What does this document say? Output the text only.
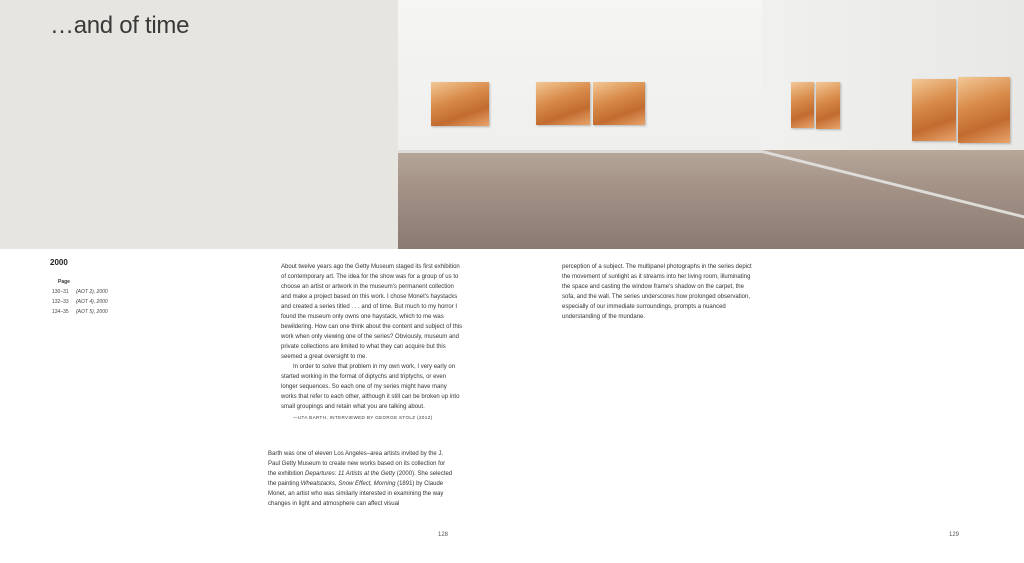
…and of time
2000
Page
130–31	(AOT 2), 2000
132–33	(AOT 4), 2000
134–35	(AOT 5), 2000

About twelve years ago the Getty Museum staged its first exhibition of contemporary art. The idea for the show was for a group of us to choose an artist or artwork in the museum's permanent collection and make a project based on this work. I chose Monet's haystacks and created a series titled . . . and of time. But much to my horror I found the museum only owns one haystack, which to me was bewildering. How can one think about the content and subject of this work when only viewing one of the series? Obviously, museum and private collections are limited to what they can acquire but this seemed a great oversight to me.

In order to solve that problem in my own work, I very early on started working in the format of diptychs and triptychs, or even longer sequences. So each one of my series might have many works that refer to each other, although it still can be broken up into small groupings and retain what you are talking about.

—UTA BARTH, INTERVIEWED BY GEORGE STOLZ (2012)

Barth was one of eleven Los Angeles–area artists invited by the J. Paul Getty Museum to create new works based on its collection for the exhibition Departures: 11 Artists at the Getty (2000). She selected the painting Wheatstacks, Snow Effect, Morning (1891) by Claude Monet, an artist who was similarly interested in examining the way changes in light and atmosphere can affect visual

perception of a subject. The multipanel photographs in the series depict the movement of sunlight as it streams into her living room, illuminating the space and casting the window frame's shadow on the carpet, the sofa, and the wall. The series underscores how prolonged observation, especially of our immediate surroundings, prompts a nuanced understanding of the mundane.

128	129
